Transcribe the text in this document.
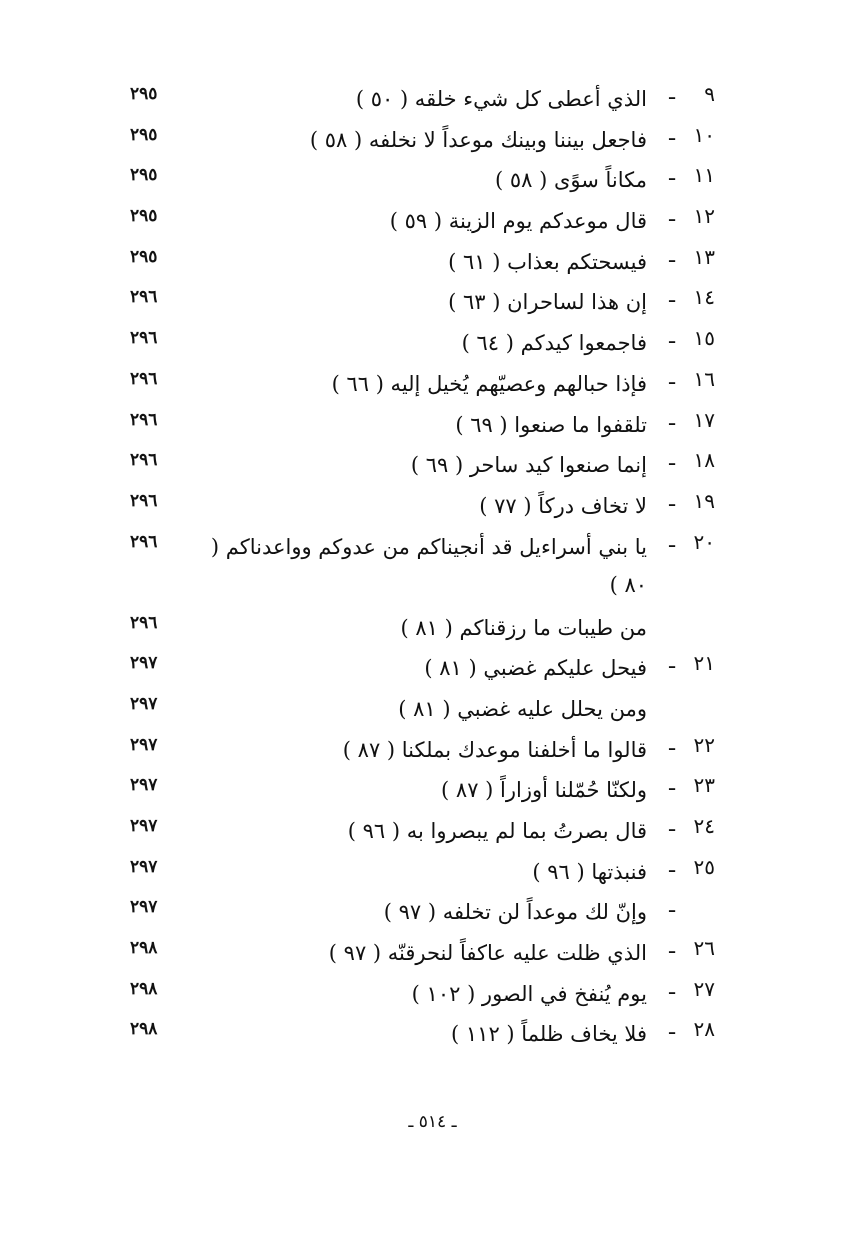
٩
ـ
الذي أعطى كل شيء خلقه ( ٥٠ )
٢٩٥
١٠
ـ
فاجعل بيننا وبينك موعداً لا نخلفه ( ٥٨ )
٢٩٥
١١
ـ
مكاناً سوًى ( ٥٨ )
٢٩٥
١٢
ـ
قال موعدكم يوم الزينة ( ٥٩ )
٢٩٥
١٣
ـ
فيسحتكم بعذاب ( ٦١ )
٢٩٥
١٤
ـ
إن هذا لساحران ( ٦٣ )
٢٩٦
١٥
ـ
فاجمعوا كيدكم ( ٦٤ )
٢٩٦
١٦
ـ
فإذا حبالهم وعصيّهم يُخيل إليه ( ٦٦ )
٢٩٦
١٧
ـ
تلقفوا ما صنعوا ( ٦٩ )
٢٩٦
١٨
ـ
إنما صنعوا كيد ساحر ( ٦٩ )
٢٩٦
١٩
ـ
لا تخاف دركاً ( ٧٧ )
٢٩٦
٢٠
ـ
يا بني أسراءيل قد أنجيناكم من عدوكم وواعدناكم ( ٨٠ )
٢٩٦
من طيبات ما رزقناكم ( ٨١ )
٢٩٦
٢١
ـ
فيحل عليكم غضبي ( ٨١ )
٢٩٧
ومن يحلل عليه غضبي ( ٨١ )
٢٩٧
٢٢
ـ
قالوا ما أخلفنا موعدك بملكنا ( ٨٧ )
٢٩٧
٢٣
ـ
ولكنّا حُمّلنا أوزاراً ( ٨٧ )
٢٩٧
٢٤
ـ
قال بصرتُ بما لم يبصروا به ( ٩٦ )
٢٩٧
٢٥
ـ
فنبذتها ( ٩٦ )
٢٩٧
ـ
وإنّ لك موعداً لن تخلفه ( ٩٧ )
٢٩٧
٢٦
ـ
الذي ظلت عليه عاكفاً لنحرقنّه ( ٩٧ )
٢٩٨
٢٧
ـ
يوم يُنفخ في الصور ( ١٠٢ )
٢٩٨
٢٨
ـ
فلا يخاف ظلماً ( ١١٢ )
٢٩٨
ـ ٥١٤ ـ
